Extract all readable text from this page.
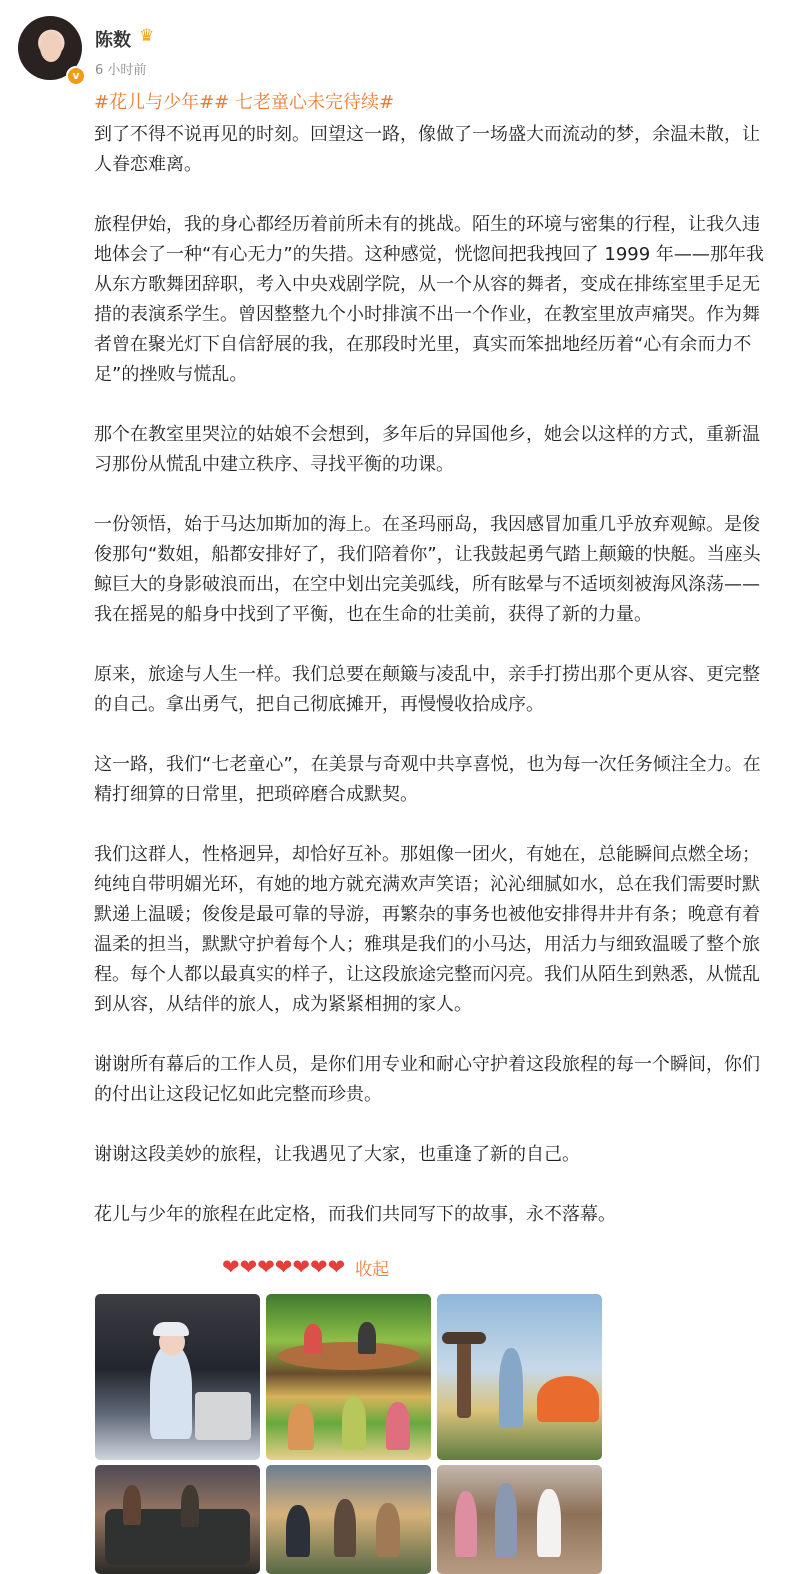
v
陈数 ♛
6 小时前

#花儿与少年## 七老童心未完待续#

到了不得不说再见的时刻。回望这一路，像做了一场盛大而流动的梦，余温未散，让人眷恋难离。

旅程伊始，我的身心都经历着前所未有的挑战。陌生的环境与密集的行程，让我久违地体会了一种“有心无力”的失措。这种感觉，恍惚间把我拽回了 1999 年——那年我从东方歌舞团辞职，考入中央戏剧学院，从一个从容的舞者，变成在排练室里手足无措的表演系学生。曾因整整九个小时排演不出一个作业，在教室里放声痛哭。作为舞者曾在聚光灯下自信舒展的我，在那段时光里，真实而笨拙地经历着“心有余而力不足”的挫败与慌乱。

那个在教室里哭泣的姑娘不会想到，多年后的异国他乡，她会以这样的方式，重新温习那份从慌乱中建立秩序、寻找平衡的功课。

一份领悟，始于马达加斯加的海上。在圣玛丽岛，我因感冒加重几乎放弃观鲸。是俊俊那句“数姐，船都安排好了，我们陪着你”，让我鼓起勇气踏上颠簸的快艇。当座头鲸巨大的身影破浪而出，在空中划出完美弧线，所有眩晕与不适顷刻被海风涤荡——我在摇晃的船身中找到了平衡，也在生命的壮美前，获得了新的力量。

原来，旅途与人生一样。我们总要在颠簸与凌乱中，亲手打捞出那个更从容、更完整的自己。拿出勇气，把自己彻底摊开，再慢慢收拾成序。

这一路，我们“七老童心”，在美景与奇观中共享喜悦，也为每一次任务倾注全力。在精打细算的日常里，把琐碎磨合成默契。

我们这群人，性格迥异，却恰好互补。那姐像一团火，有她在，总能瞬间点燃全场；纯纯自带明媚光环，有她的地方就充满欢声笑语；沁沁细腻如水，总在我们需要时默默递上温暖；俊俊是最可靠的导游，再繁杂的事务也被他安排得井井有条；晚意有着温柔的担当，默默守护着每个人；雅琪是我们的小马达，用活力与细致温暖了整个旅程。每个人都以最真实的样子，让这段旅途完整而闪亮。我们从陌生到熟悉，从慌乱到从容，从结伴的旅人，成为紧紧相拥的家人。

谢谢所有幕后的工作人员，是你们用专业和耐心守护着这段旅程的每一个瞬间，你们的付出让这段记忆如此完整而珍贵。

谢谢这段美妙的旅程，让我遇见了大家，也重逢了新的自己。

花儿与少年的旅程在此定格，而我们共同写下的故事，永不落幕。

❤❤❤❤❤❤❤ 收起
